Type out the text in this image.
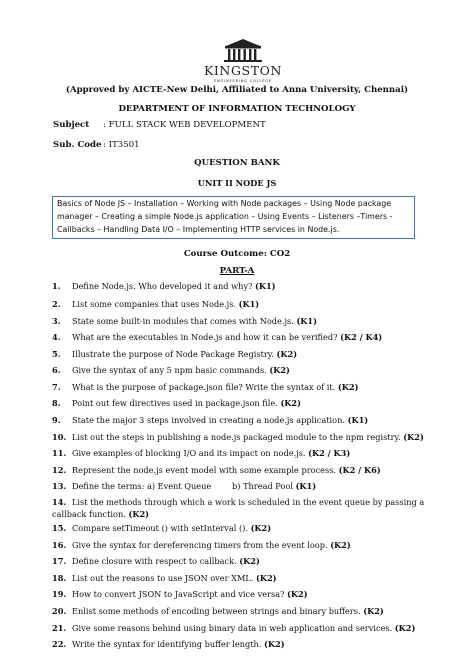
KINGSTON
ENGINEERING COLLEGE
(Approved by AICTE-New Delhi, Affiliated to Anna University, Chennai)
DEPARTMENT OF INFORMATION TECHNOLOGY
Subject : FULL STACK WEB DEVELOPMENT
Sub. Code : IT3501
QUESTION BANK
UNIT II NODE JS
Basics of Node JS – Installation – Working with Node packages – Using Node package
manager – Creating a simple Node.js application – Using Events – Listeners –Timers -
Callbacks – Handling Data I/O – Implementing HTTP services in Node.js.
Course Outcome: CO2
PART-A
1. Define Node.js. Who developed it and why? (K1)
2. List some companies that uses Node.js. (K1)
3. State some built-in modules that comes with Node.js. (K1)
4. What are the executables in Node.js and how it can be verified? (K2 / K4)
5. Illustrate the purpose of Node Package Registry. (K2)
6. Give the syntax of any 5 npm basic commands. (K2)
7. What is the purpose of package.json file? Write the syntax of it. (K2)
8. Point out few directives used in package.json file. (K2)
9. State the major 3 steps involved in creating a node.js application. (K1)
10. List out the steps in publishing a node.js packaged module to the npm registry. (K2)
11. Give examples of blocking I/O and its impact on node.js. (K2 / K3)
12. Represent the node.js event model with some example process. (K2 / K6)
13. Define the terms: a) Event Queue        b) Thread Pool (K1)
14. List the methods through which a work is scheduled in the event queue by passing a callback function. (K2)
15. Compare setTimeout () with setInterval (). (K2)
16. Give the syntax for dereferencing timers from the event loop. (K2)
17. Define closure with respect to callback. (K2)
18. List out the reasons to use JSON over XML. (K2)
19. How to convert JSON to JavaScript and vice versa? (K2)
20. Enlist some methods of encoding between strings and binary buffers. (K2)
21. Give some reasons behind using binary data in web application and services. (K2)
22. Write the syntax for identifying buffer length. (K2)
